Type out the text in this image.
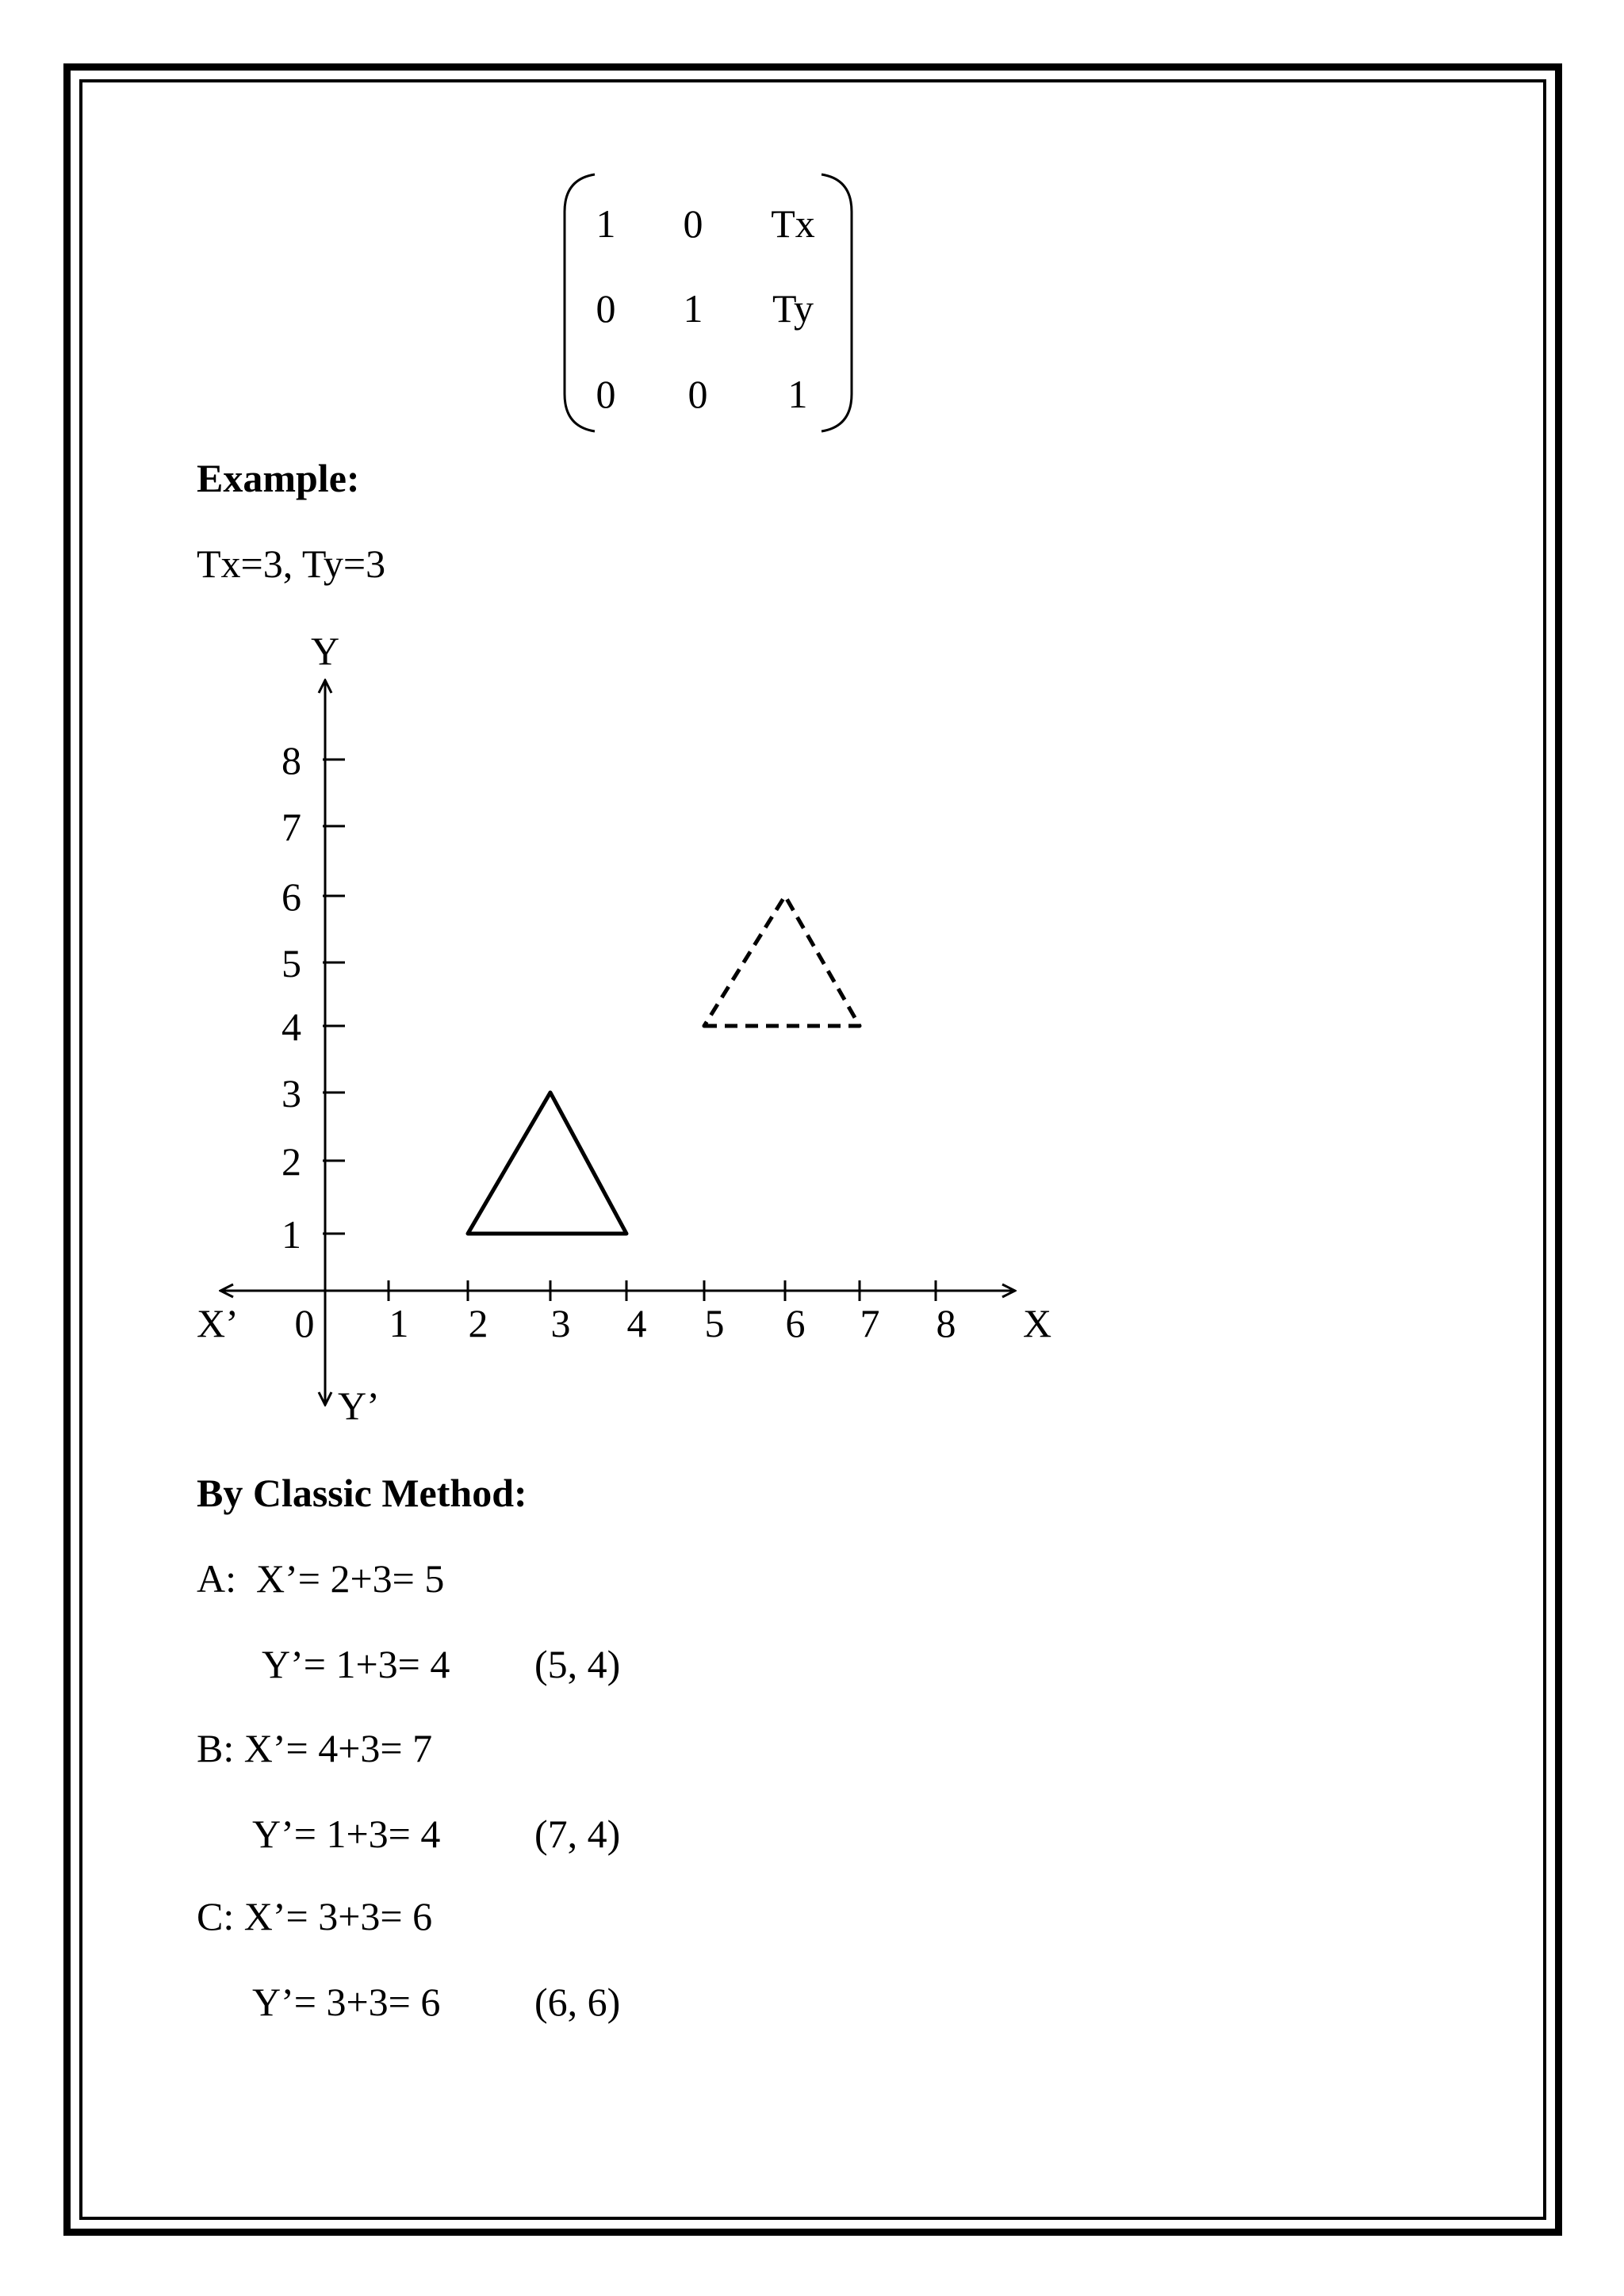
1	0	Tx
0	1	Ty
0	0	1
Example:
Tx=3, Ty=3
Y
Y’
X
X’ 0 1 2 3 4 5 6 7 8
1
2
3
4
5
6
7
8
By Classic Method:
A:  X’= 2+3= 5
Y’= 1+3= 4 (5, 4)
B: X’= 4+3= 7
Y’= 1+3= 4 (7, 4)
C: X’= 3+3= 6
Y’= 3+3= 6 (6, 6)
